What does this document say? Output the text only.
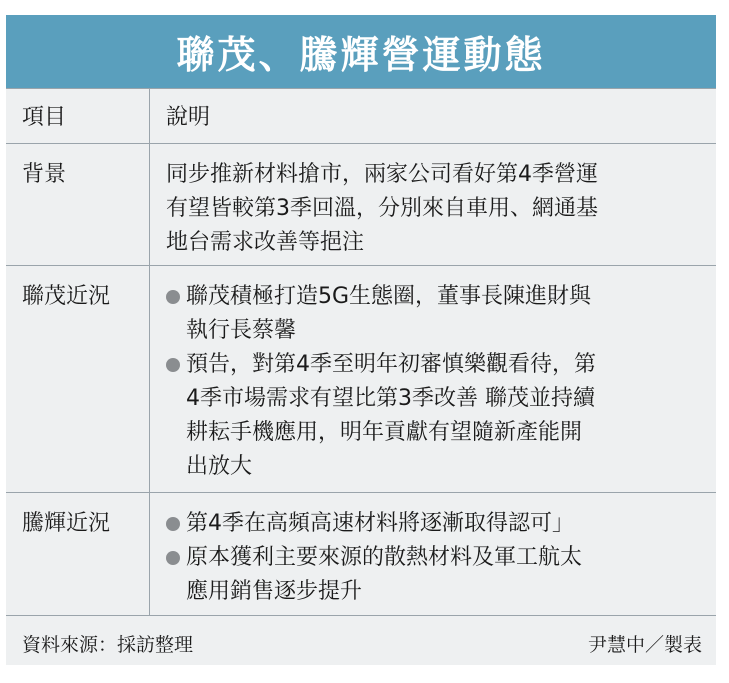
聯茂、騰輝營運動態
項目	說明
背景	同步推新材料搶市，兩家公司看好第4季營運
有望皆較第3季回溫，分別來自車用、網通基
地台需求改善等挹注
聯茂近況	聯茂積極打造5G生態圈，董事長陳進財與
執行長蔡馨
預告，對第4季至明年初審慎樂觀看待，第
4季市場需求有望比第3季改善 聯茂並持續
耕耘手機應用，明年貢獻有望隨新產能開
出放大
騰輝近況	第4季在高頻高速材料將逐漸取得認可」
原本獲利主要來源的散熱材料及軍工航太
應用銷售逐步提升
資料來源：採訪整理	尹慧中／製表
